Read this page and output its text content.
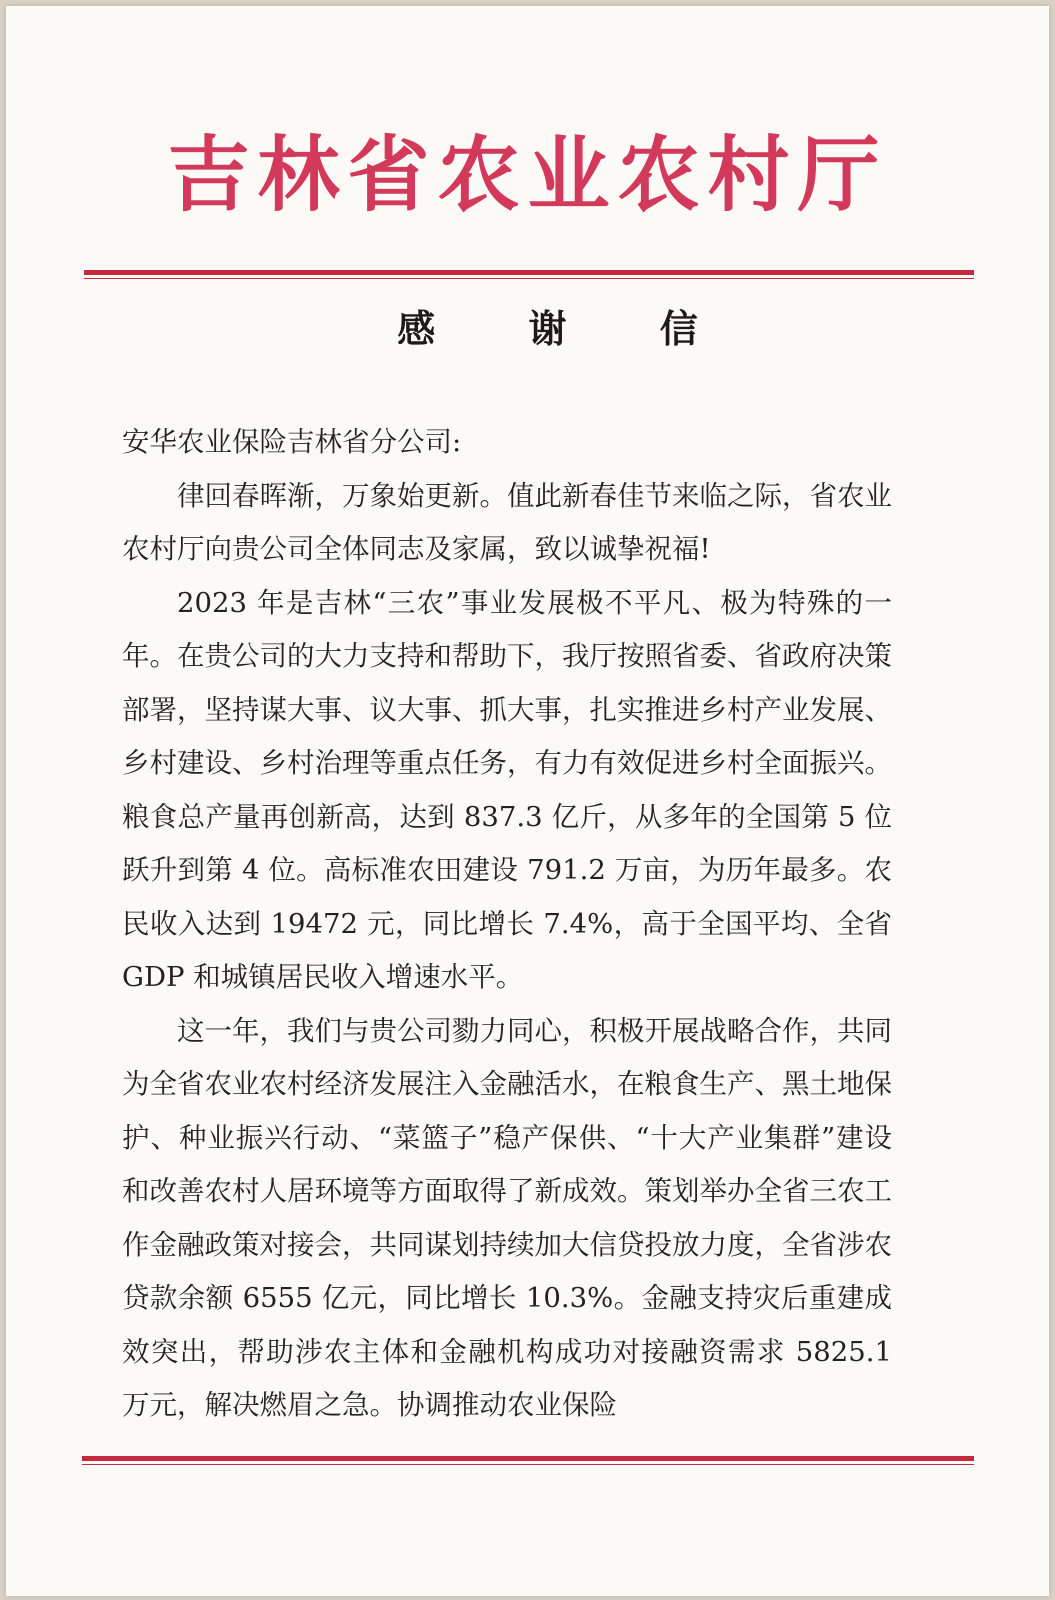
吉林省农业农村厅
感 谢 信

安华农业保险吉林省分公司:

律回春晖渐，万象始更新。值此新春佳节来临之际，省农业农村厅向贵公司全体同志及家属，致以诚挚祝福!

2023 年是吉林“三农”事业发展极不平凡、极为特殊的一年。在贵公司的大力支持和帮助下，我厅按照省委、省政府决策部署，坚持谋大事、议大事、抓大事，扎实推进乡村产业发展、乡村建设、乡村治理等重点任务，有力有效促进乡村全面振兴。粮食总产量再创新高，达到 837.3 亿斤，从多年的全国第 5 位跃升到第 4 位。高标准农田建设 791.2 万亩，为历年最多。农民收入达到 19472 元，同比增长 7.4%，高于全国平均、全省 GDP 和城镇居民收入增速水平。

这一年，我们与贵公司勠力同心，积极开展战略合作，共同为全省农业农村经济发展注入金融活水，在粮食生产、黑土地保护、种业振兴行动、“菜篮子”稳产保供、“十大产业集群”建设和改善农村人居环境等方面取得了新成效。策划举办全省三农工作金融政策对接会，共同谋划持续加大信贷投放力度，全省涉农贷款余额 6555 亿元，同比增长 10.3%。金融支持灾后重建成效突出，帮助涉农主体和金融机构成功对接融资需求 5825.1 万元，解决燃眉之急。协调推动农业保险
